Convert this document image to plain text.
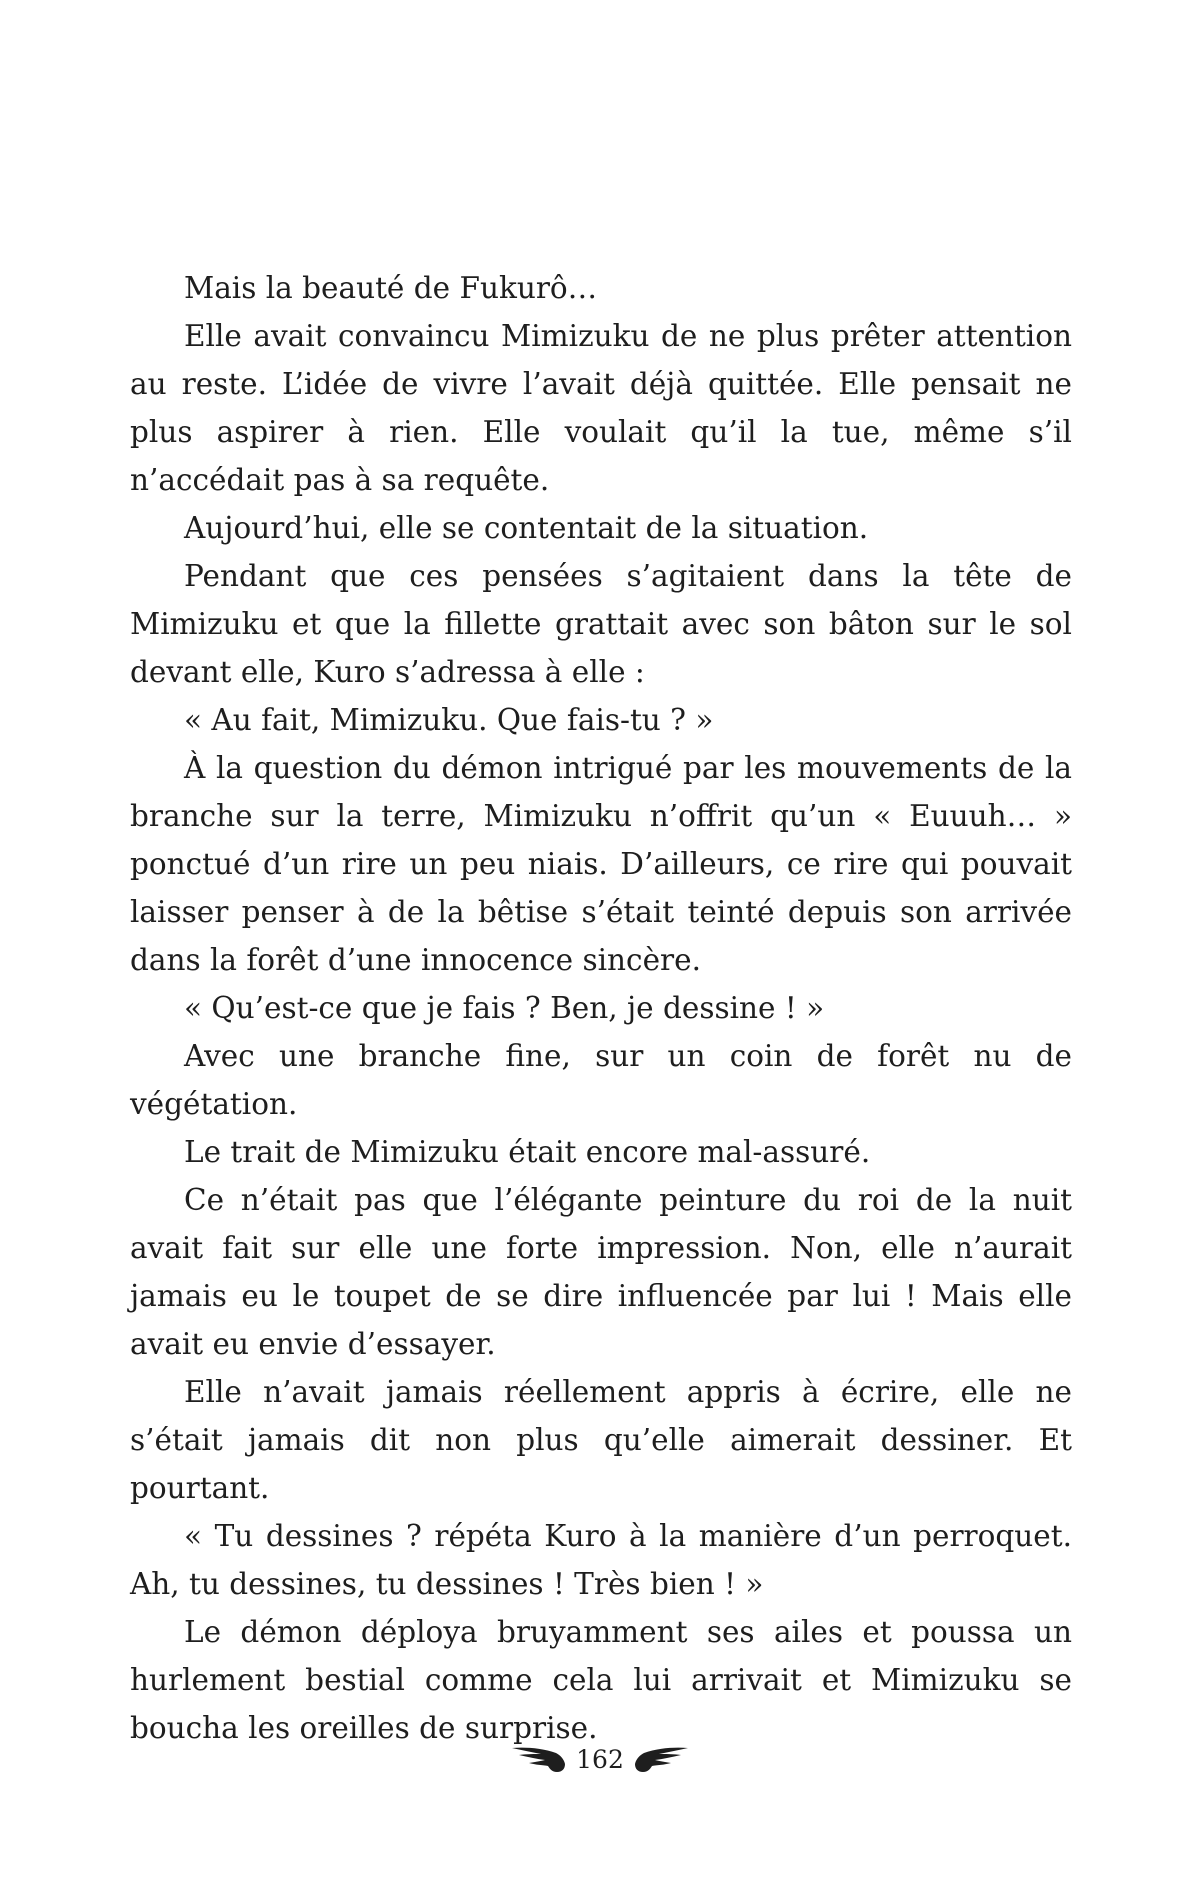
Mais la beauté de Fukurô…

Elle avait convaincu Mimizuku de ne plus prêter attention au reste. L’idée de vivre l’avait déjà quittée. Elle pensait ne plus aspirer à rien. Elle voulait qu’il la tue, même s’il n’accédait pas à sa requête.

Aujourd’hui, elle se contentait de la situation.

Pendant que ces pensées s’agitaient dans la tête de Mimizuku et que la fillette grattait avec son bâton sur le sol devant elle, Kuro s’adressa à elle :

« Au fait, Mimizuku. Que fais-tu ? »

À la question du démon intrigué par les mouvements de la branche sur la terre, Mimizuku n’offrit qu’un « Euuuh… » ponctué d’un rire un peu niais. D’ailleurs, ce rire qui pouvait laisser penser à de la bêtise s’était teinté depuis son arrivée dans la forêt d’une innocence sincère.

« Qu’est-ce que je fais ? Ben, je dessine ! »

Avec une branche fine, sur un coin de forêt nu de végétation.

Le trait de Mimizuku était encore mal-assuré.

Ce n’était pas que l’élégante peinture du roi de la nuit avait fait sur elle une forte impression. Non, elle n’aurait jamais eu le toupet de se dire influencée par lui ! Mais elle avait eu envie d’essayer.

Elle n’avait jamais réellement appris à écrire, elle ne s’était jamais dit non plus qu’elle aimerait dessiner. Et pourtant.

« Tu dessines ? répéta Kuro à la manière d’un perroquet. Ah, tu dessines, tu dessines ! Très bien ! »

Le démon déploya bruyamment ses ailes et poussa un hurlement bestial comme cela lui arrivait et Mimizuku se boucha les oreilles de surprise.

162
